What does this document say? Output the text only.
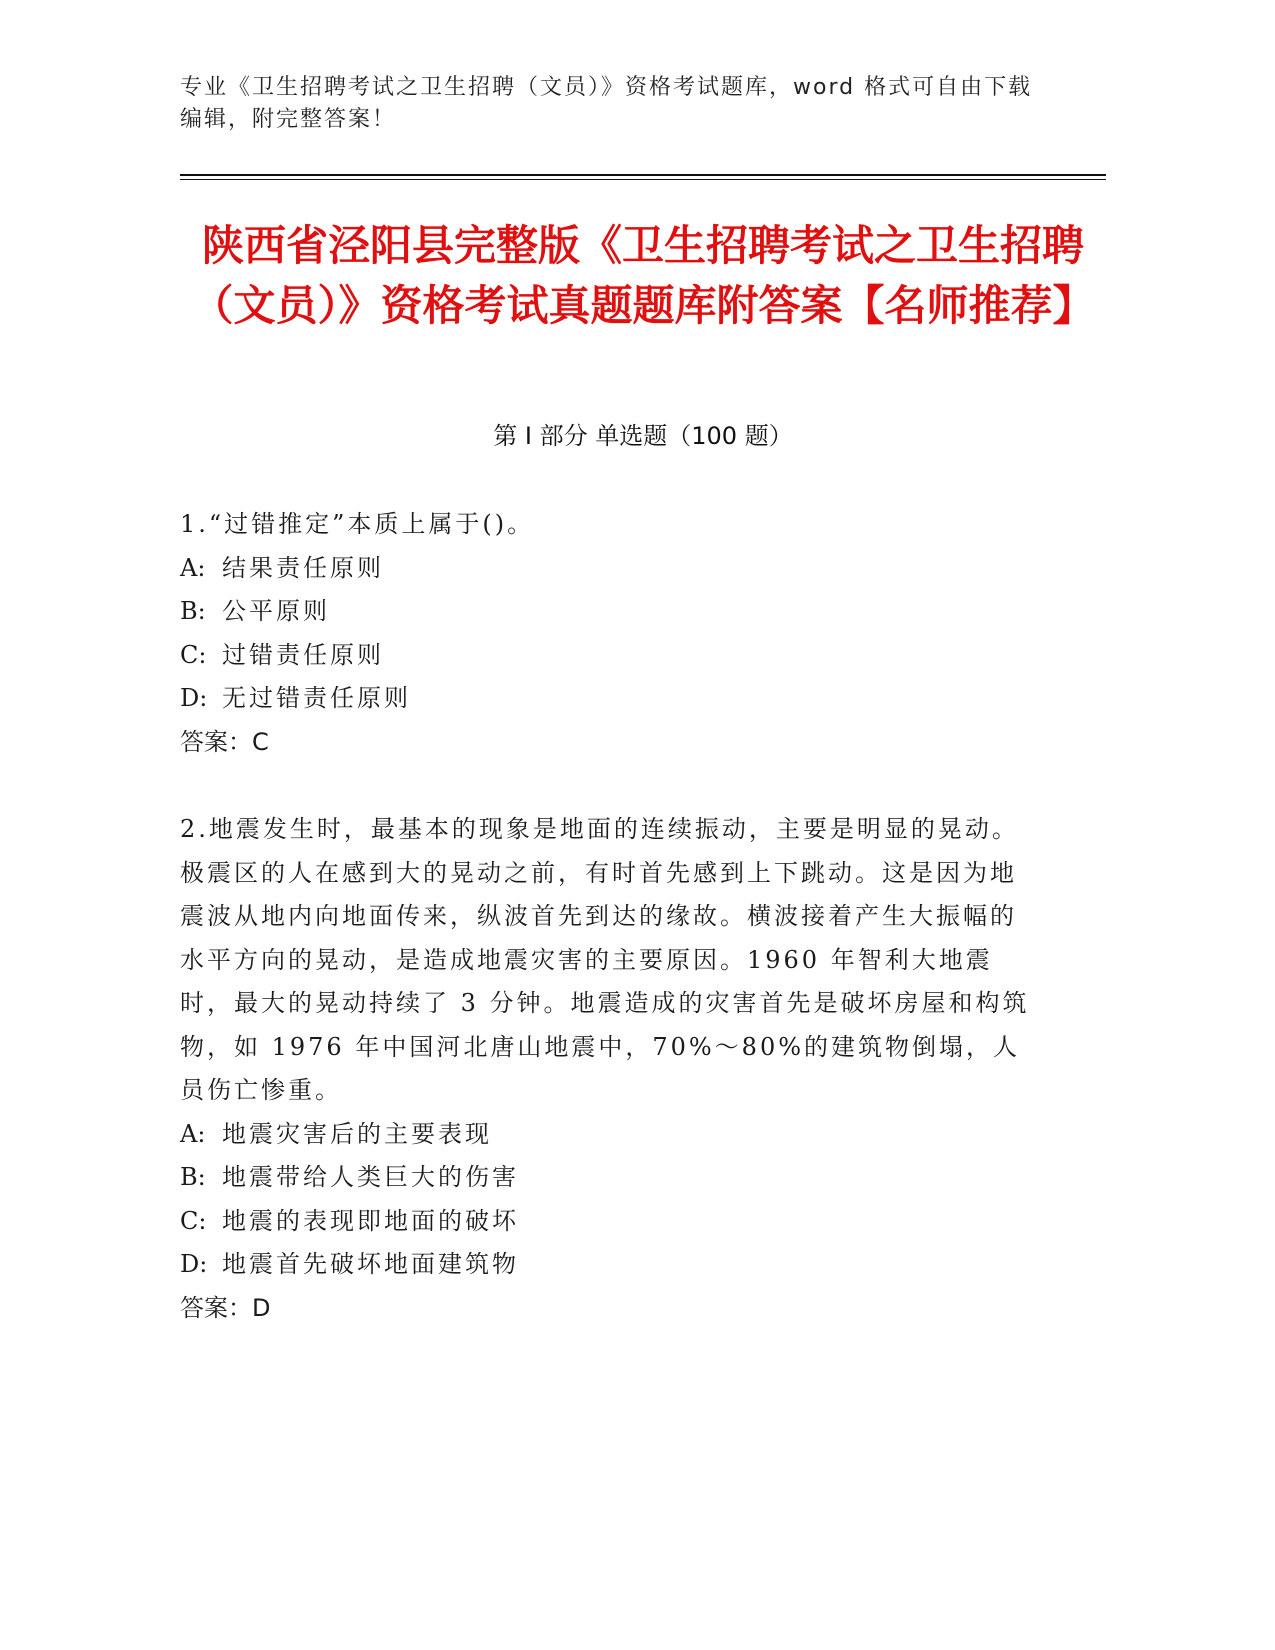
专业《卫生招聘考试之卫生招聘（文员）》资格考试题库，word 格式可自由下载编辑，附完整答案！
陕西省泾阳县完整版《卫生招聘考试之卫生招聘（文员）》资格考试真题题库附答案【名师推荐】
第 I 部分 单选题（100 题）

1.“过错推定”本质上属于()。

A: 结果责任原则

B: 公平原则

C: 过错责任原则

D: 无过错责任原则

答案：C

2.地震发生时，最基本的现象是地面的连续振动，主要是明显的晃动。极震区的人在感到大的晃动之前，有时首先感到上下跳动。这是因为地震波从地内向地面传来，纵波首先到达的缘故。横波接着产生大振幅的水平方向的晃动，是造成地震灾害的主要原因。1960 年智利大地震时，最大的晃动持续了 3 分钟。地震造成的灾害首先是破坏房屋和构筑物，如 1976 年中国河北唐山地震中，70%～80%的建筑物倒塌，人员伤亡惨重。

A: 地震灾害后的主要表现

B: 地震带给人类巨大的伤害

C: 地震的表现即地面的破坏

D: 地震首先破坏地面建筑物

答案：D
